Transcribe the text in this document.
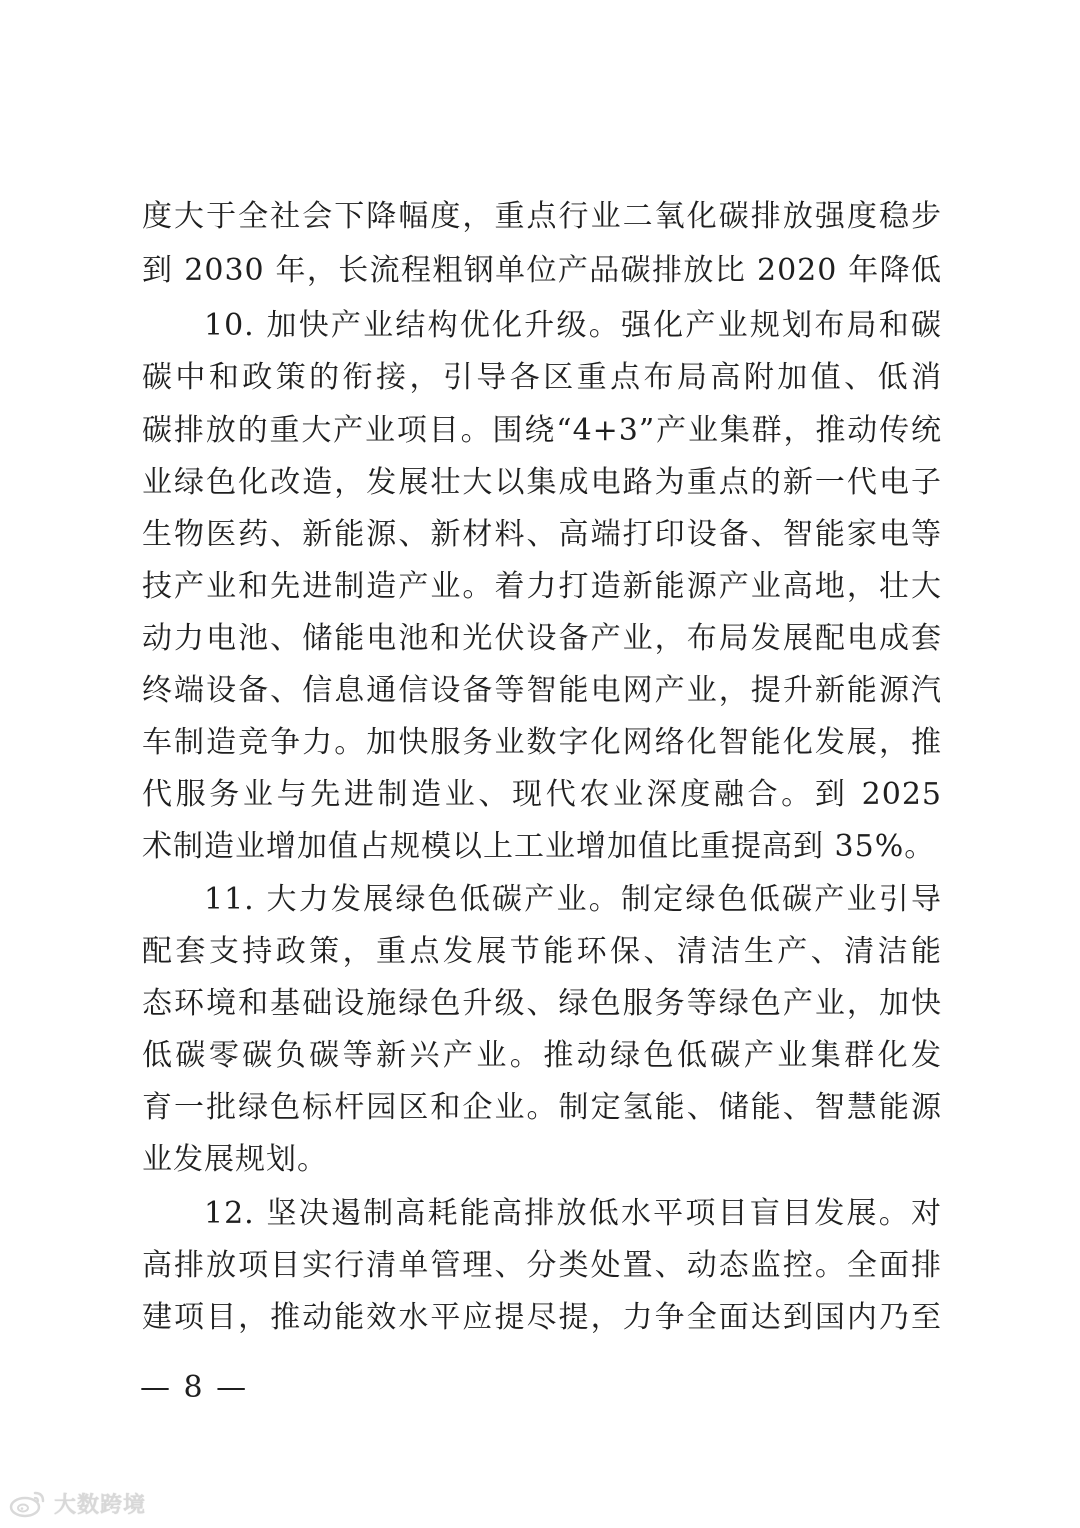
度大于全社会下降幅度，重点行业二氧化碳排放强度稳步
到 2030 年，长流程粗钢单位产品碳排放比 2020 年降低
10. 加快产业结构优化升级。强化产业规划布局和碳
碳中和政策的衔接，引导各区重点布局高附加值、低消
碳排放的重大产业项目。围绕“4+3”产业集群，推动传统
业绿色化改造，发展壮大以集成电路为重点的新一代电子
生物医药、新能源、新材料、高端打印设备、智能家电等
技产业和先进制造产业。着力打造新能源产业高地，壮大
动力电池、储能电池和光伏设备产业，布局发展配电成套
终端设备、信息通信设备等智能电网产业，提升新能源汽
车制造竞争力。加快服务业数字化网络化智能化发展，推
代服务业与先进制造业、现代农业深度融合。到 2025
术制造业增加值占规模以上工业增加值比重提高到 35%。
11. 大力发展绿色低碳产业。制定绿色低碳产业引导
配套支持政策，重点发展节能环保、清洁生产、清洁能
态环境和基础设施绿色升级、绿色服务等绿色产业，加快
低碳零碳负碳等新兴产业。推动绿色低碳产业集群化发
育一批绿色标杆园区和企业。制定氢能、储能、智慧能源
业发展规划。
12. 坚决遏制高耗能高排放低水平项目盲目发展。对
高排放项目实行清单管理、分类处置、动态监控。全面排
建项目，推动能效水平应提尽提，力争全面达到国内乃至
— 8 —
大数跨境
